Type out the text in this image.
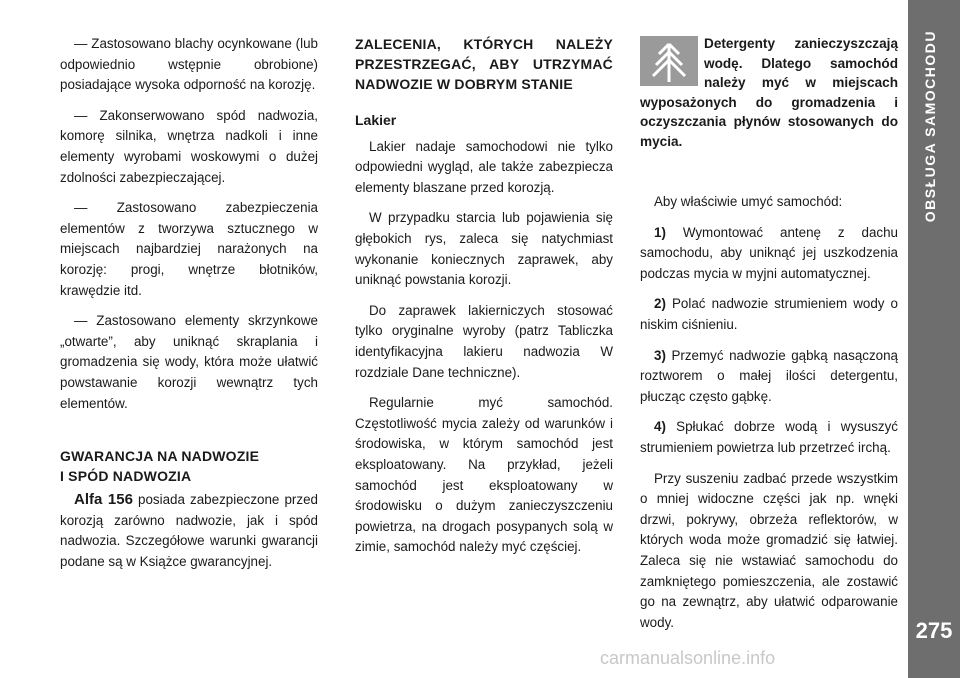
OBSŁUGA SAMOCHODU
275

— Zastosowano blachy ocynkowane (lub odpowiednio wstępnie obrobione) posiadające wysoka odporność na korozję.

— Zakonserwowano spód nadwozia, komorę silnika, wnętrza nadkoli i inne elementy wyrobami woskowymi o dużej zdolności zabezpieczającej.

— Zastosowano zabezpieczenia elementów z tworzywa sztucznego w miejscach najbardziej narażonych na korozję: progi, wnętrze błotników, krawędzie itd.

— Zastosowano elementy skrzynkowe „otwarte”, aby uniknąć skraplania i gromadzenia się wody, która może ułatwić powstawanie korozji wewnątrz tych elementów.

GWARANCJA NA NADWOZIE
I SPÓD NADWOZIA

Alfa 156 posiada zabezpieczone przed korozją zarówno nadwozie, jak i spód nadwozia. Szczegółowe warunki gwarancji podane są w Książce gwarancyjnej.

ZALECENIA, KTÓRYCH NALEŻY PRZESTRZEGAĆ, ABY UTRZYMAĆ NADWOZIE W DOBRYM STANIE
Lakier

Lakier nadaje samochodowi nie tylko odpowiedni wygląd, ale także zabezpiecza elementy blaszane przed korozją.

W przypadku starcia lub pojawienia się głębokich rys, zaleca się natychmiast wykonanie koniecznych zaprawek, aby uniknąć powstania korozji.

Do zaprawek lakierniczych stosować tylko oryginalne wyroby (patrz Tabliczka identyfikacyjna lakieru nadwozia W rozdziale Dane techniczne).

Regularnie myć samochód. Częstotliwość mycia zależy od warunków i środowiska, w którym samochód jest eksploatowany. Na przykład, jeżeli samochód jest eksploatowany w środowisku o dużym zanieczyszczeniu powietrza, na drogach posypanych solą w zimie, samochód należy myć częściej.

Detergenty zanieczyszczają wodę. Dlatego samochód należy myć w miejscach wyposażonych do gromadzenia i oczyszczania płynów stosowanych do mycia.

Aby właściwie umyć samochód:

1) Wymontować antenę z dachu samochodu, aby uniknąć jej uszkodzenia podczas mycia w myjni automatycznej.

2) Polać nadwozie strumieniem wody o niskim ciśnieniu.

3) Przemyć nadwozie gąbką nasączoną roztworem o małej ilości detergentu, płucząc często gąbkę.

4) Spłukać dobrze wodą i wysuszyć strumieniem powietrza lub przetrzeć irchą.

Przy suszeniu zadbać przede wszystkim o mniej widoczne części jak np. wnęki drzwi, pokrywy, obrzeża reflektorów, w których woda może gromadzić się łatwiej. Zaleca się nie wstawiać samochodu do zamkniętego pomieszczenia, ale zostawić go na zewnątrz, aby ułatwić odparowanie wody.

carmanualsonline.info
